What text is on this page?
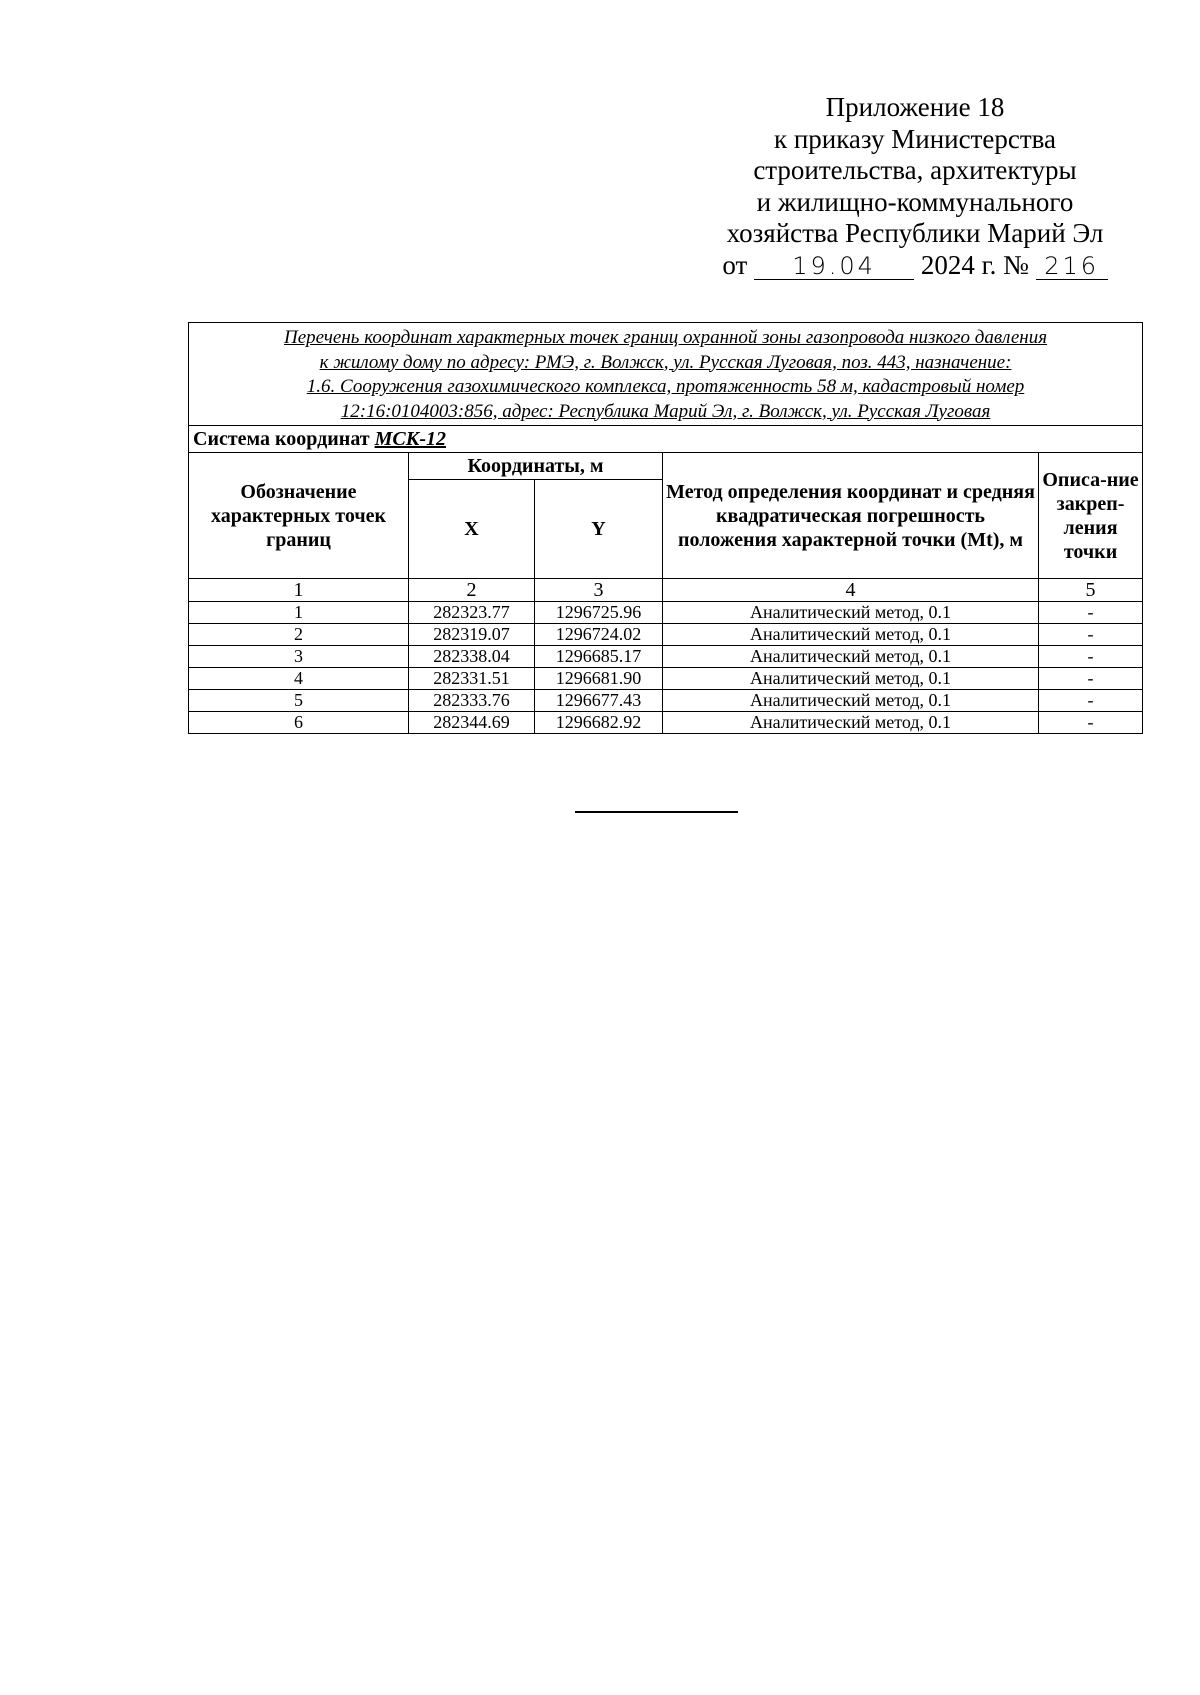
Приложение 18
к приказу Министерства
строительства, архитектуры
и жилищно-коммунального
хозяйства Республики Марий Эл
от 19.04 2024 г. № 216
Перечень координат характерных точек границ охранной зоны газопровода низкого давления
к жилому дому по адресу: РМЭ, г. Волжск, ул. Русская Луговая, поз. 443, назначение:
1.6. Сооружения газохимического комплекса, протяженность 58 м, кадастровый номер
12:16:0104003:856, адрес: Республика Марий Эл, г. Волжск, ул. Русская Луговая				
Система координат МСК-12				
Обозначение характерных точек границ	Координаты, м		Метод определения координат и средняя квадратическая погрешность положения характерной точки (Mt), м	Описа-ние закреп-ления точки
	X	Y		
1	2	3	4	5
1	282323.77	1296725.96	Аналитический метод, 0.1	-
2	282319.07	1296724.02	Аналитический метод, 0.1	-
3	282338.04	1296685.17	Аналитический метод, 0.1	-
4	282331.51	1296681.90	Аналитический метод, 0.1	-
5	282333.76	1296677.43	Аналитический метод, 0.1	-
6	282344.69	1296682.92	Аналитический метод, 0.1	-
